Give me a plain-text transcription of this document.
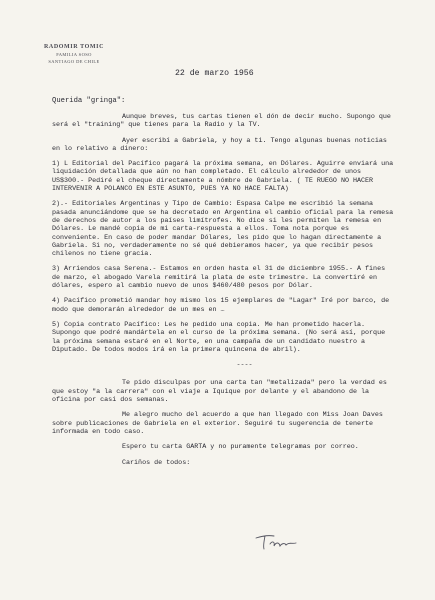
RADOMIR TOMIC
FAMILIA SOSO
SANTIAGO DE CHILE
22 de marzo 1956
Querida "gringa":

Aunque breves, tus cartas tienen el dón de decir mucho. Supongo que será el "training" que tienes para la Radio y la TV.

Ayer escribí a Gabriela, y hoy a ti. Tengo algunas buenas noticias en lo relativo a dinero:

1) L Editorial del Pacífico pagará la próxima semana, en Dólares. Aguirre enviará una liquidación detallada que aún no han completado. El cálculo alrededor de unos US$300.- Pediré el cheque directamente a nómbre de Gabriela. ( TE RUEGO NO HACER INTERVENIR A POLANCO EN ESTE ASUNTO, PUES YA NO HACE FALTA)

2).- Editoriales Argentinas y Tipo de Cambio: Espasa Calpe me escribió la semana pasada anunciándome que se ha decretado en Argentina el cambio oficial para la remesa de derechos de autor a los países limítrofes. No dice si les permiten la remesa en Dólares. Le mandé copia de mi carta-respuesta a ellos. Toma nota porque es conveniente. En caso de poder mandar Dólares, les pido que lo hagan directamente a Gabriela. Si no, verdaderamente no sé qué debieramos hacer, ya que recibir pesos chilenos no tiene gracia.

3) Arriendos casa Serena.- Estamos en orden hasta el 31 de diciembre 1955.- A fines de marzo, el abogado Varela remitirá la plata de este trimestre. La convertiré en dólares, espero al cambio nuevo de unos $460/480 pesos por Dólar.

4) Pacífico prometió mandar hoy mismo los 15 ejemplares de "Lagar" Iré por barco, de modo que demorarán alrededor de un mes en …

5) Copia contrato Pacífico: Les he pedido una copia. Me han prometido hacerla. Supongo que podré mandártela en el curso de la próxima semana. (No será así, porque la próxima semana estaré en el Norte, en una campaña de un candidato nuestro a Diputado. De todos modos irá en la primera quincena de abril).

----

Te pido disculpas por una carta tan "metalizada" pero la verdad es que estoy "a la carrera" con el viaje a Iquique por delante y el abandono de la oficina por casi dos semanas.

Me alegro mucho del acuerdo a que han llegado con Miss Joan Daves sobre publicaciones de Gabriela en el exterior. Seguiré tu sugerencia de tenerte informada en todo caso.

Espero tu carta GARTA y no puramente telegramas por correo.

Cariños de todos:
